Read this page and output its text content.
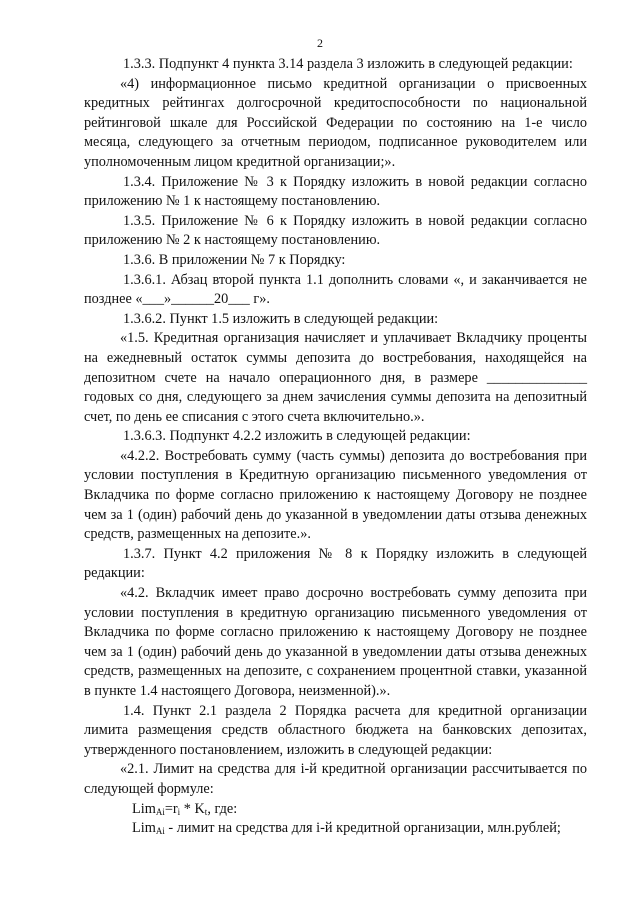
2

1.3.3. Подпункт 4 пункта 3.14 раздела 3 изложить в следующей редакции:

«4) информационное письмо кредитной организации о присвоенных кредитных рейтингах долгосрочной кредитоспособности по национальной рейтинговой шкале для Российской Федерации по состоянию на 1-е число месяца, следующего за отчетным периодом, подписанное руководителем или уполномоченным лицом кредитной организации;».

1.3.4. Приложение № 3 к Порядку изложить в новой редакции согласно приложению № 1 к настоящему постановлению.

1.3.5. Приложение № 6 к Порядку изложить в новой редакции согласно приложению № 2 к настоящему постановлению.

1.3.6. В приложении № 7 к Порядку:

1.3.6.1. Абзац второй пункта 1.1 дополнить словами «, и заканчивается не позднее «___»______20___ г».

1.3.6.2. Пункт 1.5 изложить в следующей редакции:

«1.5. Кредитная организация начисляет и уплачивает Вкладчику проценты на ежедневный остаток суммы депозита до востребования, находящейся на депозитном счете на начало операционного дня, в размере ______________ годовых со дня, следующего за днем зачисления суммы депозита на депозитный счет, по день ее списания с этого счета включительно.».

1.3.6.3. Подпункт 4.2.2 изложить в следующей редакции:

«4.2.2. Востребовать сумму (часть суммы) депозита до востребования при условии поступления в Кредитную организацию письменного уведомления от Вкладчика по форме согласно приложению к настоящему Договору не позднее чем за 1 (один) рабочий день до указанной в уведомлении даты отзыва денежных средств, размещенных на депозите.».

1.3.7. Пункт 4.2 приложения № 8 к Порядку изложить в следующей редакции:

«4.2. Вкладчик имеет право досрочно востребовать сумму депозита при условии поступления в кредитную организацию письменного уведомления от Вкладчика по форме согласно приложению к настоящему Договору не позднее чем за 1 (один) рабочий день до указанной в уведомлении даты отзыва денежных средств, размещенных на депозите, с сохранением процентной ставки, указанной в пункте 1.4 настоящего Договора, неизменной).».

1.4. Пункт 2.1 раздела 2 Порядка расчета для кредитной организации лимита размещения средств областного бюджета на банковских депозитах, утвержденного постановлением, изложить в следующей редакции:

«2.1. Лимит на средства для i-й кредитной организации рассчитывается по следующей формуле:

$Lim_{Ai}=r_i * K_t$, где:

Lim$_{Ai}$ - лимит на средства для i-й кредитной организации, млн.рублей;
